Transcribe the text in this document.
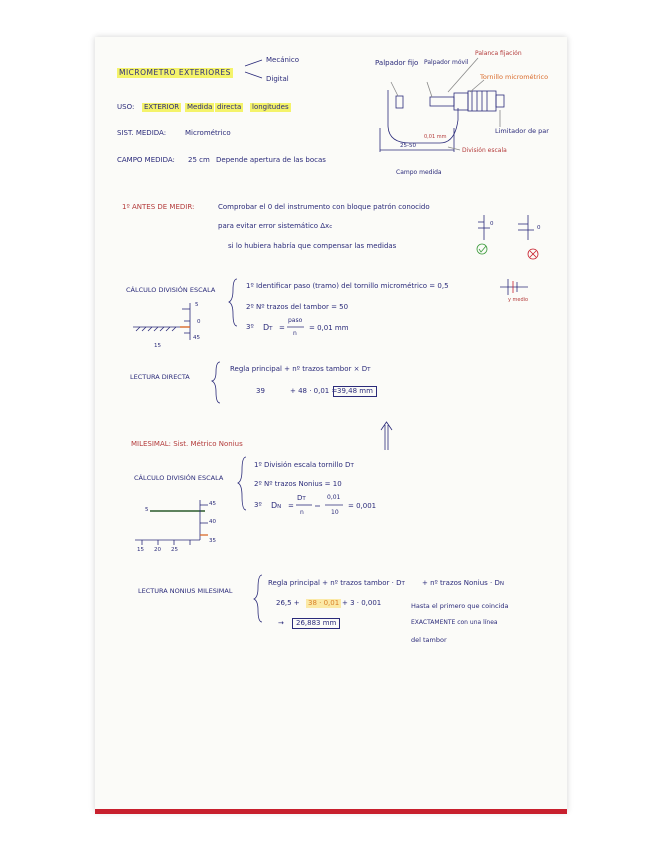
MICROMETRO EXTERIORES
Mecánico
Digital
USO: EXTERIOR Medida directa longitudes
SIST. MEDIDA:	Micrométrico
CAMPO MEDIDA: 25 cm Depende apertura de las bocas
Palpador fijo Palpador móvil
Palanca fijación
Tornillo micrométrico
Limitador de par
División escala
Campo medida
25-50
0,01 mm
1º ANTES DE MEDIR:	Comprobar el 0 del instrumento con bloque patrón conocido
para evitar error sistemático Δxc
si lo hubiera habría que compensar las medidas
0
0
CÁLCULO DIVISIÓN ESCALA
5
0
45
15
1º Identificar paso (tramo) del tornillo micrométrico = 0,5
2º Nº trazos del tambor = 50
3º DT =
paso
n
= 0,01 mm
y medio
LECTURA DIRECTA
Regla principal + nº trazos tambor × DT
39	+ 48 · 0,01 = 39,48 mm
MILESIMAL: Sist. Métrico Nonius
CÁLCULO DIVISIÓN ESCALA
5
45
40
35
15 20 25
1º División escala tornillo DT
2º Nº trazos Nonius = 10
3º DN =
DT
n
0,01
10
= 0,001
LECTURA NONIUS MILESIMAL
Regla principal + nº trazos tambor · DT + nº trazos Nonius · DN
26,5 + 38 · 0,01 + 3 · 0,001
→	26,883 mm
Hasta el primero que coincida
EXACTAMENTE con una línea
del tambor
